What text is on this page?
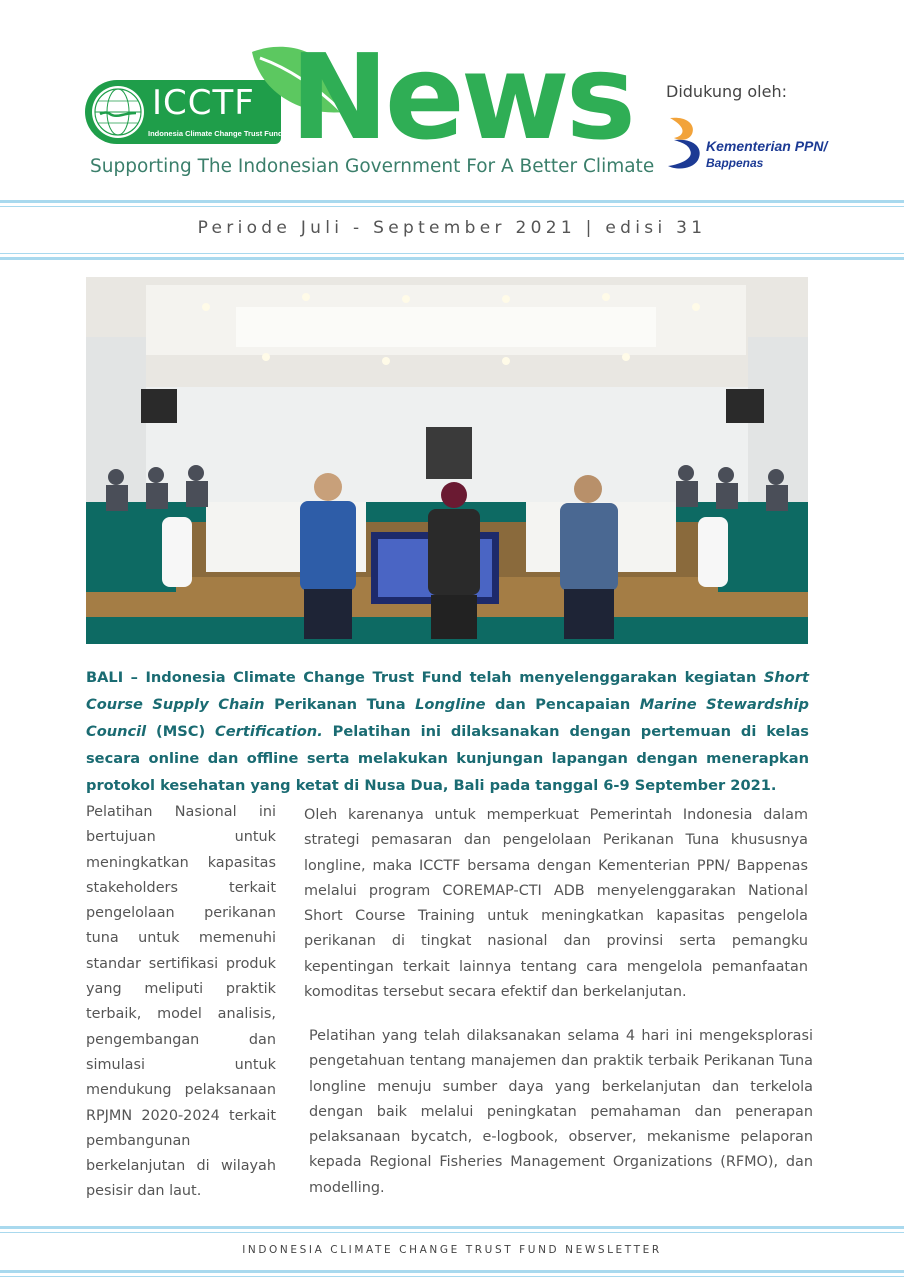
ICCTF
Indonesia Climate Change Trust Fund News
Supporting The Indonesian Government For A Better Climate
Didukung oleh:
Kementerian PPN/
Bappenas
Periode Juli - September 2021 | edisi 31
BALI – Indonesia Climate Change Trust Fund telah menyelenggarakan kegiatan Short Course Supply Chain Perikanan Tuna Longline dan Pencapaian Marine Stewardship Council (MSC) Certification. Pelatihan ini dilaksanakan dengan pertemuan di kelas secara online dan offline serta melakukan kunjungan lapangan dengan menerapkan protokol kesehatan yang ketat di Nusa Dua, Bali pada tanggal 6-9 September 2021.
Pelatihan Nasional ini bertujuan untuk meningkatkan kapasitas stakeholders terkait pengelolaan perikanan tuna untuk memenuhi standar sertifikasi produk yang meliputi praktik terbaik, model analisis, pengembangan dan simulasi untuk mendukung pelaksanaan RPJMN 2020-2024 terkait pembangunan berkelanjutan di wilayah pesisir dan laut.
Oleh karenanya untuk memperkuat Pemerintah Indonesia dalam strategi pemasaran dan pengelolaan Perikanan Tuna khususnya longline, maka ICCTF bersama dengan Kementerian PPN/ Bappenas melalui program COREMAP-CTI ADB menyelenggarakan National Short Course Training untuk meningkatkan kapasitas pengelola perikanan di tingkat nasional dan provinsi serta pemangku kepentingan terkait lainnya tentang cara mengelola pemanfaatan komoditas tersebut secara efektif dan berkelanjutan.
Pelatihan yang telah dilaksanakan selama 4 hari ini mengeksplorasi pengetahuan tentang manajemen dan praktik terbaik Perikanan Tuna longline menuju sumber daya yang berkelanjutan dan terkelola dengan baik melalui peningkatan pemahaman dan penerapan pelaksanaan bycatch, e-logbook, observer, mekanisme pelaporan kepada Regional Fisheries Management Organizations (RFMO), dan modelling.
INDONESIA CLIMATE CHANGE TRUST FUND NEWSLETTER
